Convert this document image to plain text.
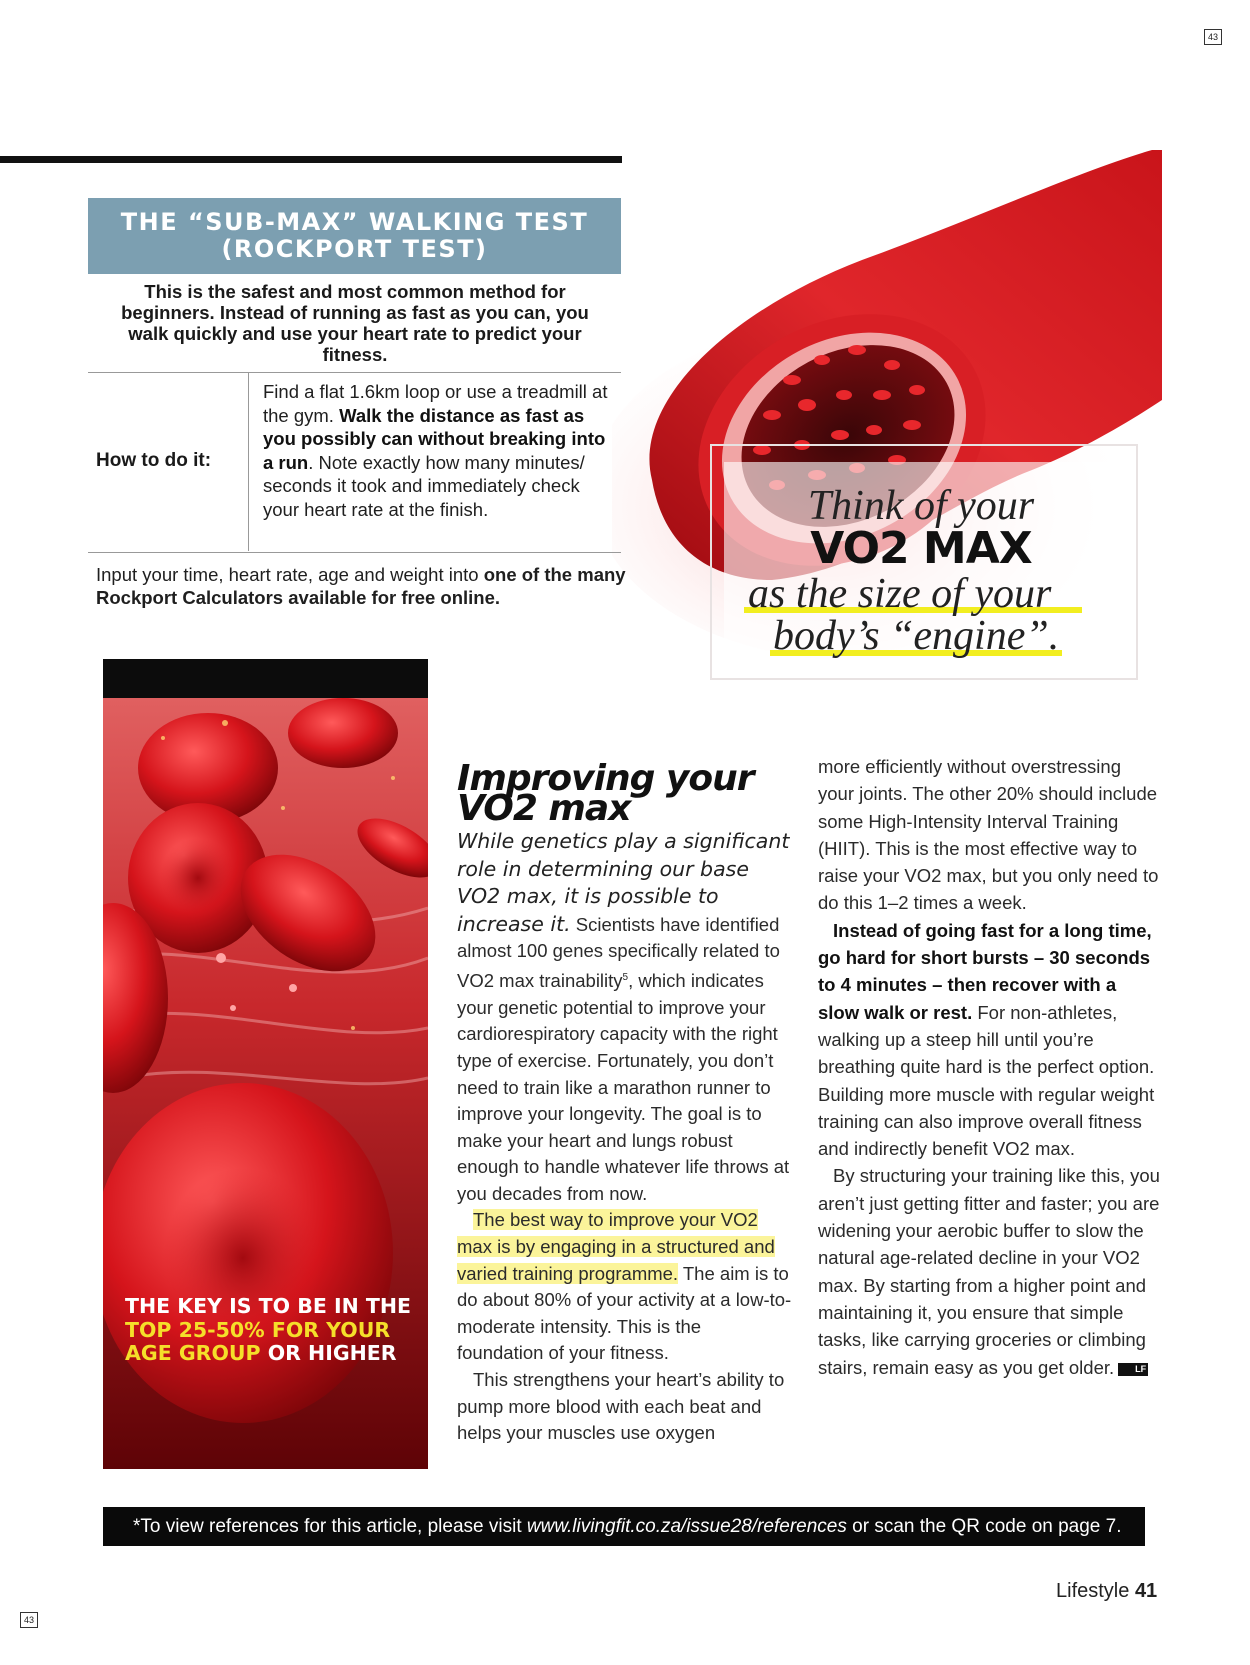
43
43
Think of your
VO2 MAX
as the size of your
body’s “engine”.
THE “SUB-MAX” WALKING TEST
(ROCKPORT TEST)
This is the safest and most common method for beginners. Instead of running as fast as you can, you walk quickly and use your heart rate to predict your fitness.
How to do it:
Find a flat 1.6km loop or use a treadmill at the gym. Walk the distance as fast as you possibly can without breaking into a run. Note exactly how many minutes/ seconds it took and immediately check your heart rate at the finish.
Input your time, heart rate, age and weight into one of the many Rockport Calculators available for free online.
THE KEY IS TO BE IN THE TOP 25-50% FOR YOUR AGE GROUP OR HIGHER
Improving your
VO2 max

While genetics play a significant role in determining our base VO2 max, it is possible to increase it. Scientists have identified almost 100 genes specifically related to VO2 max trainability$^5$, which indicates your genetic potential to improve your cardiorespiratory capacity with the right type of exercise. Fortunately, you don’t need to train like a marathon runner to improve your longevity. The goal is to make your heart and lungs robust enough to handle whatever life throws at you decades from now.

The best way to improve your VO2 max is by engaging in a structured and varied training programme. The aim is to do about 80% of your activity at a low-to-moderate intensity. This is the foundation of your fitness.

This strengthens your heart’s ability to pump more blood with each beat and helps your muscles use oxygen

more efficiently without overstressing your joints. The other 20% should include some High-Intensity Interval Training (HIIT). This is the most effective way to raise your VO2 max, but you only need to do this 1–2 times a week.

Instead of going fast for a long time, go hard for short bursts – 30 seconds to 4 minutes – then recover with a slow walk or rest. For non-athletes, walking up a steep hill until you’re breathing quite hard is the perfect option. Building more muscle with regular weight training can also improve overall fitness and indirectly benefit VO2 max.

By structuring your training like this, you aren’t just getting fitter and faster; you are widening your aerobic buffer to slow the natural age-related decline in your VO2 max. By starting from a higher point and maintaining it, you ensure that simple tasks, like carrying groceries or climbing stairs, remain easy as you get older. LF

*To view references for this article, please visit www.livingfit.co.za/issue28/references or scan the QR code on page 7.
Lifestyle 41
